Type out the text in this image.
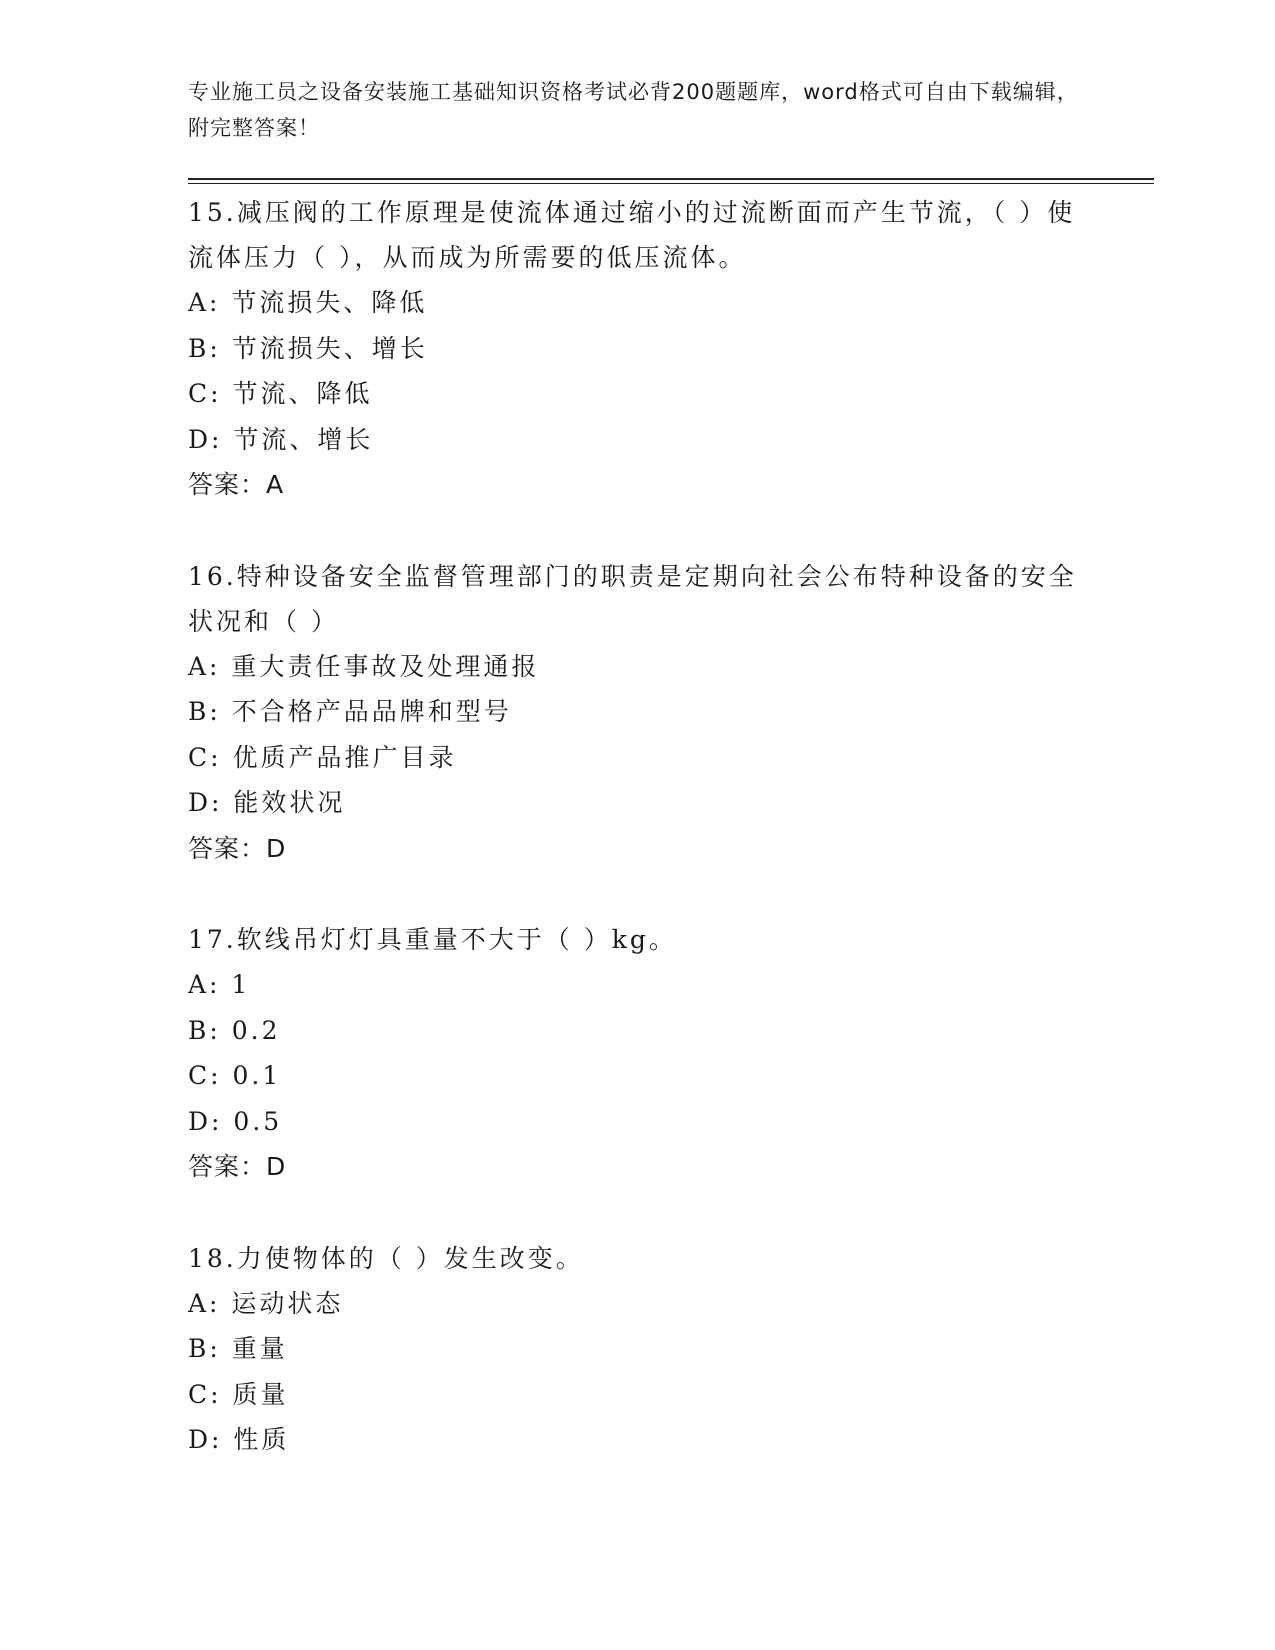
专业施工员之设备安装施工基础知识资格考试必背200题题库，word格式可自由下载编辑，附完整答案！
15.减压阀的工作原理是使流体通过缩小的过流断面而产生节流，（ ）使流体压力（ ），从而成为所需要的低压流体。
A: 节流损失、降低
B: 节流损失、增长
C: 节流、降低
D: 节流、增长
答案：A
16.特种设备安全监督管理部门的职责是定期向社会公布特种设备的安全状况和（ ）
A: 重大责任事故及处理通报
B: 不合格产品品牌和型号
C: 优质产品推广目录
D: 能效状况
答案：D
17.软线吊灯灯具重量不大于（ ）kg。
A: 1
B: 0.2
C: 0.1
D: 0.5
答案：D
18.力使物体的（ ）发生改变。
A: 运动状态
B: 重量
C: 质量
D: 性质
